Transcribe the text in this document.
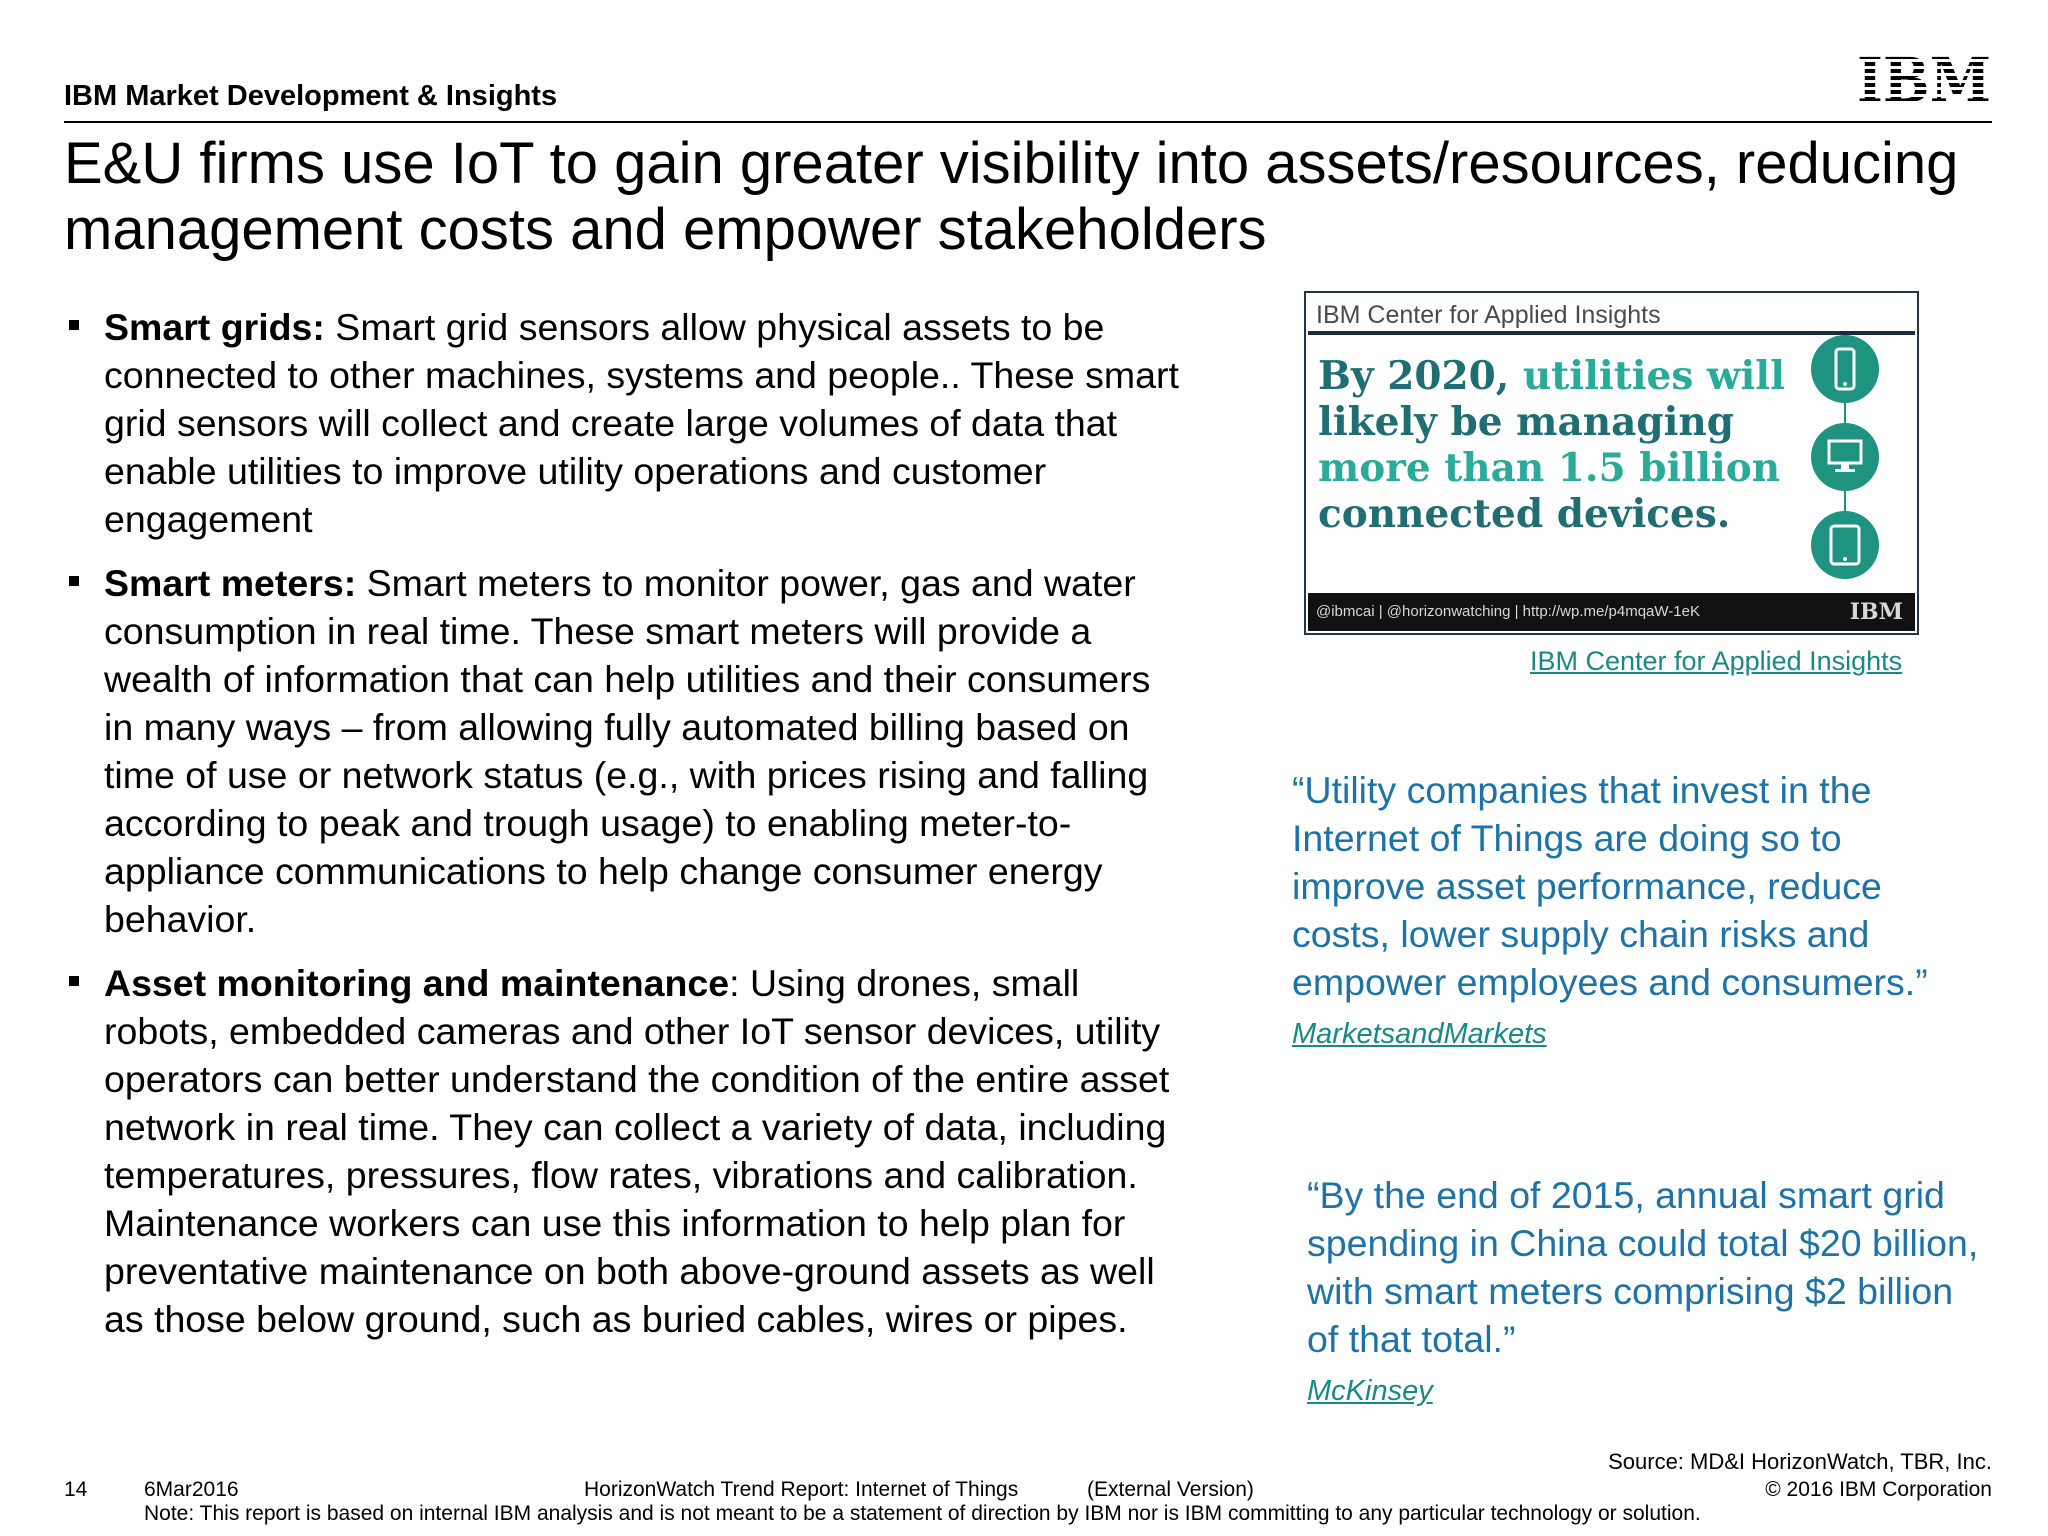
IBM Market Development & Insights
E&U firms use IoT to gain greater visibility into assets/resources, reducing management costs and empower stakeholders
Smart grids: Smart grid sensors allow physical assets to be connected to other machines, systems and people.. These smart grid sensors will collect and create large volumes of data that enable utilities to improve utility operations and customer engagement
Smart meters: Smart meters to monitor power, gas and water consumption in real time. These smart meters will provide a wealth of information that can help utilities and their consumers in many ways – from allowing fully automated billing based on time of use or network status (e.g., with prices rising and falling according to peak and trough usage) to enabling meter-to-appliance communications to help change consumer energy behavior.
Asset monitoring and maintenance: Using drones, small robots, embedded cameras and other IoT sensor devices, utility operators can better understand the condition of the entire asset network in real time. They can collect a variety of data, including temperatures, pressures, flow rates, vibrations and calibration. Maintenance workers can use this information to help plan for preventative maintenance on both above-ground assets as well as those below ground, such as buried cables, wires or pipes.
IBM Center for Applied Insights
By 2020, utilities will
likely be managing
more than 1.5 billion
connected devices.
@ibmcai | @horizonwatching | http://wp.me/p4mqaW-1eK	IBM
IBM Center for Applied Insights
“Utility companies that invest in the Internet of Things are doing so to improve asset performance, reduce costs, lower supply chain risks and empower employees and consumers.”  MarketsandMarkets
“By the end of 2015, annual smart grid spending in China could total $20 billion, with smart meters comprising $2 billion of that total.”
McKinsey
Source: MD&I HorizonWatch, TBR, Inc.
14	6Mar2016	HorizonWatch Trend Report: Internet of Things	(External Version)	© 2016 IBM Corporation
Note: This report is based on internal IBM analysis and is not meant to be a statement of direction by IBM nor is IBM committing to any particular technology or solution.
